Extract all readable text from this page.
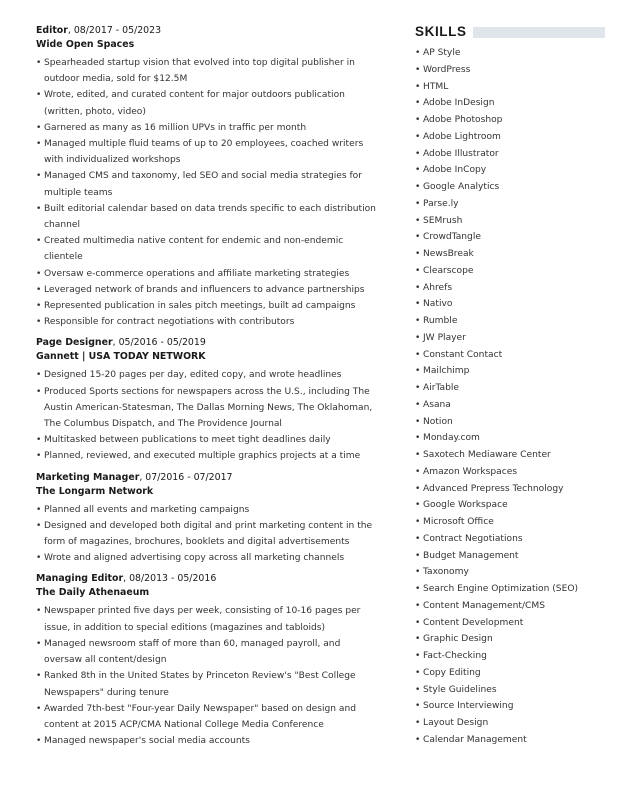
Editor, 08/2017 - 05/2023
Wide Open Spaces
• Spearheaded startup vision that evolved into top digital publisher in outdoor media, sold for $12.5M
• Wrote, edited, and curated content for major outdoors publication (written, photo, video)
• Garnered as many as 16 million UPVs in traffic per month
• Managed multiple fluid teams of up to 20 employees, coached writers with individualized workshops
• Managed CMS and taxonomy, led SEO and social media strategies for multiple teams
• Built editorial calendar based on data trends specific to each distribution channel
• Created multimedia native content for endemic and non-endemic clientele
• Oversaw e-commerce operations and affiliate marketing strategies
• Leveraged network of brands and influencers to advance partnerships
• Represented publication in sales pitch meetings, built ad campaigns
• Responsible for contract negotiations with contributors
Page Designer, 05/2016 - 05/2019
Gannett | USA TODAY NETWORK
• Designed 15-20 pages per day, edited copy, and wrote headlines
• Produced Sports sections for newspapers across the U.S., including The Austin American-Statesman, The Dallas Morning News, The Oklahoman, The Columbus Dispatch, and The Providence Journal
• Multitasked between publications to meet tight deadlines daily
• Planned, reviewed, and executed multiple graphics projects at a time
Marketing Manager, 07/2016 - 07/2017
The Longarm Network
• Planned all events and marketing campaigns
• Designed and developed both digital and print marketing content in the form of magazines, brochures, booklets and digital advertisements
• Wrote and aligned advertising copy across all marketing channels
Managing Editor, 08/2013 - 05/2016
The Daily Athenaeum
• Newspaper printed five days per week, consisting of 10-16 pages per issue, in addition to special editions (magazines and tabloids)
• Managed newsroom staff of more than 60, managed payroll, and oversaw all content/design
• Ranked 8th in the United States by Princeton Review's "Best College Newspapers" during tenure
• Awarded 7th-best "Four-year Daily Newspaper" based on design and content at 2015 ACP/CMA National College Media Conference
• Managed newspaper's social media accounts
SKILLS
• AP Style
• WordPress
• HTML
• Adobe InDesign
• Adobe Photoshop
• Adobe Lightroom
• Adobe Illustrator
• Adobe InCopy
• Google Analytics
• Parse.ly
• SEMrush
• CrowdTangle
• NewsBreak
• Clearscope
• Ahrefs
• Nativo
• Rumble
• JW Player
• Constant Contact
• Mailchimp
• AirTable
• Asana
• Notion
• Monday.com
• Saxotech Mediaware Center
• Amazon Workspaces
• Advanced Prepress Technology
• Google Workspace
• Microsoft Office
• Contract Negotiations
• Budget Management
• Taxonomy
• Search Engine Optimization (SEO)
• Content Management/CMS
• Content Development
• Graphic Design
• Fact-Checking
• Copy Editing
• Style Guidelines
• Source Interviewing
• Layout Design
• Calendar Management
